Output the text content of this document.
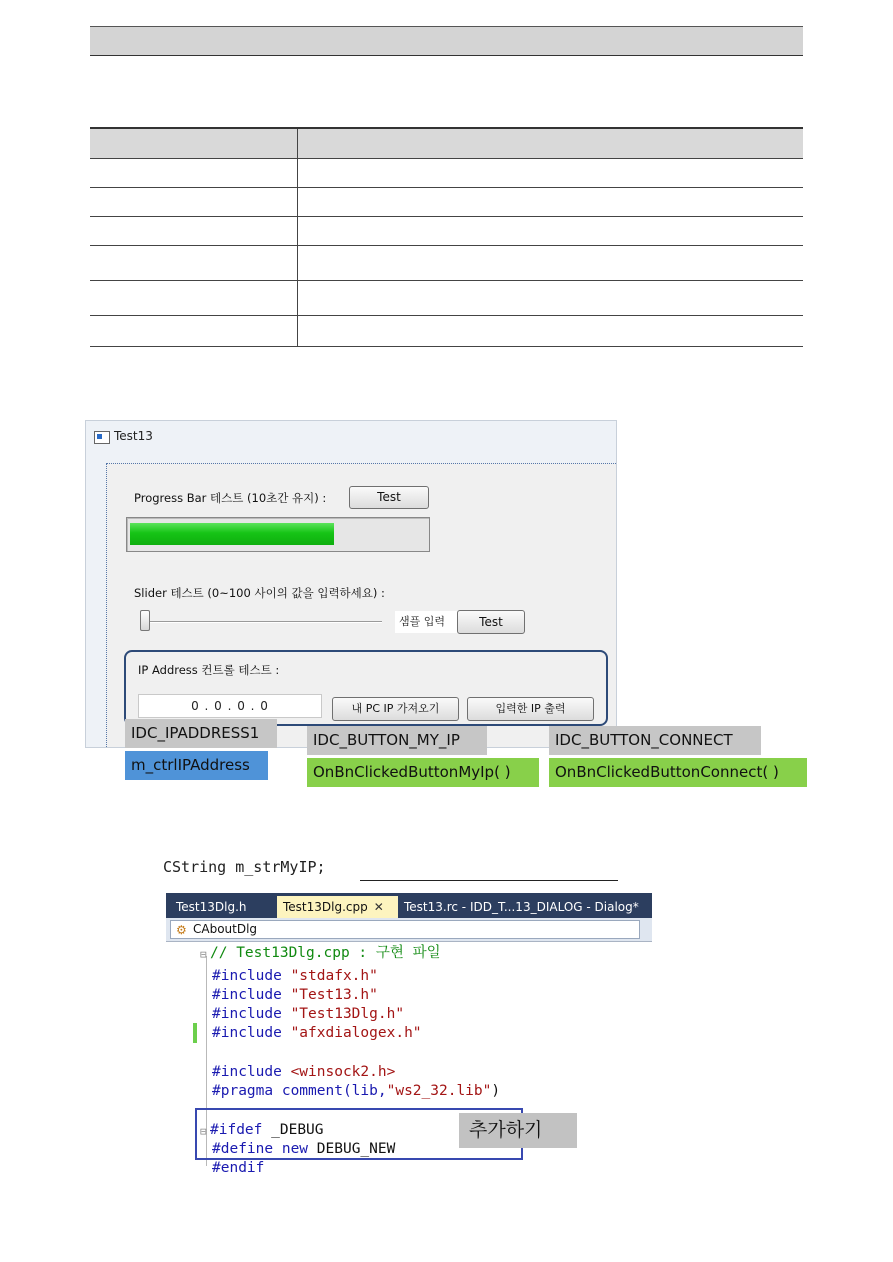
Test13
Progress Bar 테스트 (10초간 유지) :	Test
Slider 테스트 (0~100 사이의 값을 입력하세요) :
샘플 입력	Test
IP Address 컨트롤 테스트 :
0 . 0 . 0 . 0	내 PC IP 가져오기	입력한 IP 출력
IDC_IPADDRESS1
m_ctrlIPAddress
IDC_BUTTON_MY_IP
OnBnClickedButtonMyIp( )
IDC_BUTTON_CONNECT
OnBnClickedButtonConnect( )
CString m_strMyIP;
Test13Dlg.h	Test13Dlg.cpp ✕	Test13.rc - IDD_T...13_DIALOG - Dialog*
⚙ CAboutDlg
⊟ // Test13Dlg.cpp : 구현 파일
#include "stdafx.h"
#include "Test13.h"
#include "Test13Dlg.h"
#include "afxdialogex.h"
#include <winsock2.h>
#pragma comment(lib,"ws2_32.lib")
⊟ #ifdef _DEBUG
#define new DEBUG_NEW
#endif
추가하기
